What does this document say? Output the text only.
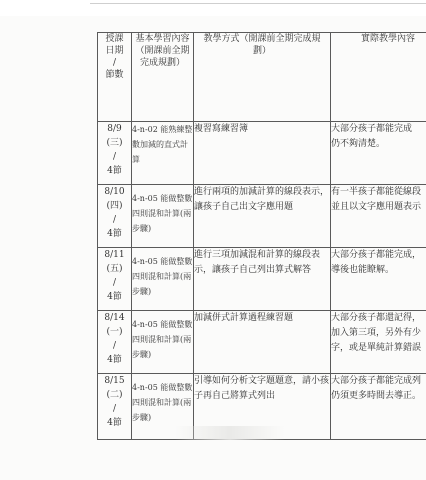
授課
日期
/
節數	基本學習內容（開課前全期完成規劃）	教學方式（開課前全期完成規劃）	實際教學內容

8/9
(三)
/
4節	4-n-02 能熟練整數加減的直式計算	複習寫練習簿	大部分孩子都能完成
仍不夠清楚。

8/10
(四)
/
4節	4-n-05 能做整數四則混和計算(兩步驟)	進行兩項的加減計算的線段表示，讓孩子自己出文字應用題	有一半孩子都能從線段
並且以文字應用題表示

8/11
(五)
/
4節	4-n-05 能做整數四則混和計算(兩步驟)	進行三項加減混和計算的線段表示，讓孩子自己列出算式解答	大部分孩子都能完成，
導後也能瞭解。

8/14
(一)
/
4節	4-n-05 能做整數四則混和計算(兩步驟)	加減併式計算過程練習題	大部分孩子都還記得，
加入第三項，另外有少
字，或是單純計算錯誤

8/15
(二)
/
4節	4-n-05 能做整數四則混和計算(兩步驟)	引導如何分析文字題題意，請小孩子再自己將算式列出	大部分孩子都能完成列
仍須更多時間去導正。
